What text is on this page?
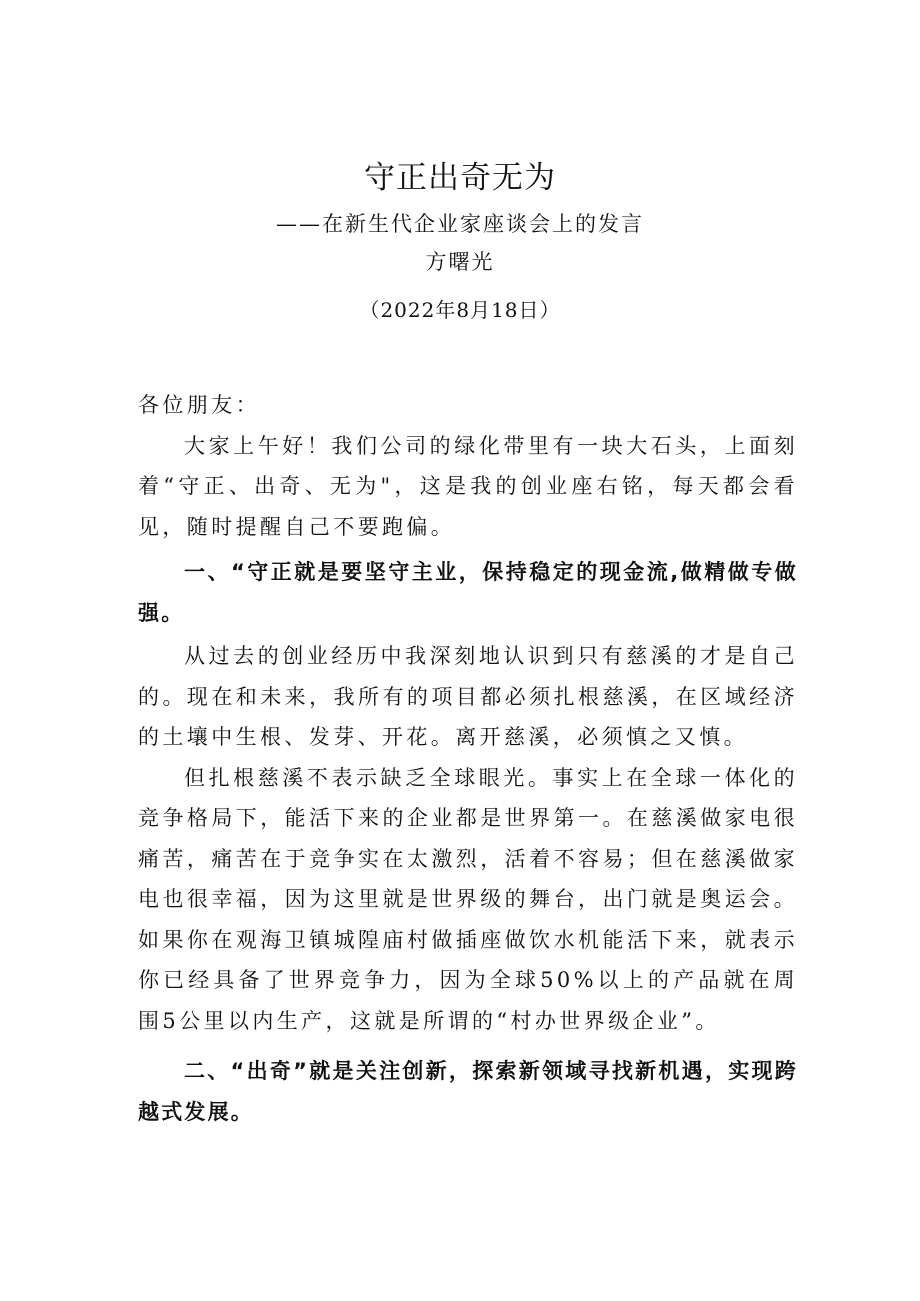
守正出奇无为
——在新生代企业家座谈会上的发言
方曙光
（2022年8月18日）

各位朋友：

大家上午好！我们公司的绿化带里有一块大石头，上面刻着“守正、出奇、无为"，这是我的创业座右铭，每天都会看见，随时提醒自己不要跑偏。

一、“守正就是要坚守主业，保持稳定的现金流,做精做专做强。

从过去的创业经历中我深刻地认识到只有慈溪的才是自己的。现在和未来，我所有的项目都必须扎根慈溪，在区域经济的土壤中生根、发芽、开花。离开慈溪，必须慎之又慎。

但扎根慈溪不表示缺乏全球眼光。事实上在全球一体化的竞争格局下，能活下来的企业都是世界第一。在慈溪做家电很痛苦，痛苦在于竞争实在太激烈，活着不容易；但在慈溪做家电也很幸福，因为这里就是世界级的舞台，出门就是奥运会。如果你在观海卫镇城隍庙村做插座做饮水机能活下来，就表示你已经具备了世界竞争力，因为全球50%以上的产品就在周围5公里以内生产，这就是所谓的“村办世界级企业”。

二、“出奇”就是关注创新，探索新领域寻找新机遇，实现跨越式发展。
